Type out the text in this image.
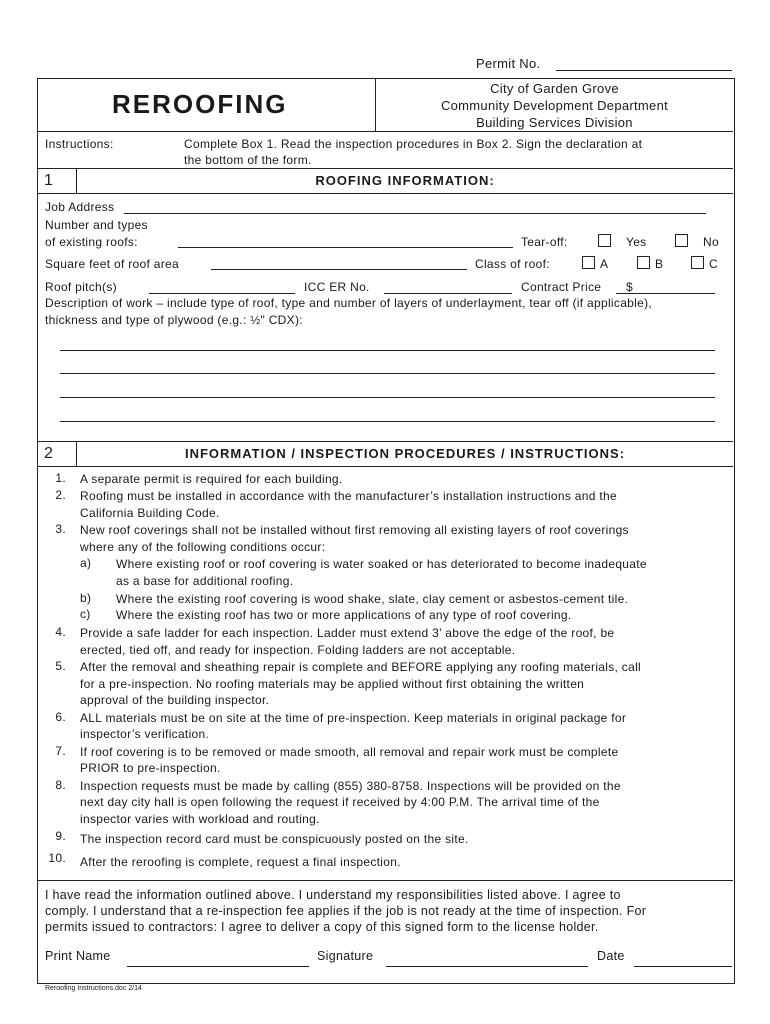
Permit No.
REROOFING
City of Garden Grove
Community Development Department
Building Services Division
Instructions:	Complete Box 1. Read the inspection procedures in Box 2. Sign the declaration at
the bottom of the form.
1	ROOFING INFORMATION:
Job Address
Number and types
of existing roofs:	Tear-off:	Yes	No
Square feet of roof area	Class of roof:	A	B	C
Roof pitch(s)	ICC ER No.	Contract Price $
Description of work – include type of roof, type and number of layers of underlayment, tear off (if applicable),
thickness and type of plywood (e.g.: ½" CDX):
2	INFORMATION / INSPECTION PROCEDURES / INSTRUCTIONS:
1. A separate permit is required for each building.
2. Roofing must be installed in accordance with the manufacturer’s installation instructions and the
California Building Code.
3. New roof coverings shall not be installed without first removing all existing layers of roof coverings
where any of the following conditions occur:
a) Where existing roof or roof covering is water soaked or has deteriorated to become inadequate
as a base for additional roofing.
b) Where the existing roof covering is wood shake, slate, clay cement or asbestos-cement tile.
c) Where the existing roof has two or more applications of any type of roof covering.
4. Provide a safe ladder for each inspection. Ladder must extend 3’ above the edge of the roof, be
erected, tied off, and ready for inspection. Folding ladders are not acceptable.
5. After the removal and sheathing repair is complete and BEFORE applying any roofing materials, call
for a pre-inspection. No roofing materials may be applied without first obtaining the written
approval of the building inspector.
6. ALL materials must be on site at the time of pre-inspection. Keep materials in original package for
inspector’s verification.
7. If roof covering is to be removed or made smooth, all removal and repair work must be complete
PRIOR to pre-inspection.
8. Inspection requests must be made by calling (855) 380-8758. Inspections will be provided on the
next day city hall is open following the request if received by 4:00 P.M. The arrival time of the
inspector varies with workload and routing.
9. The inspection record card must be conspicuously posted on the site.
10. After the reroofing is complete, request a final inspection.
I have read the information outlined above. I understand my responsibilities listed above. I agree to
comply. I understand that a re-inspection fee applies if the job is not ready at the time of inspection. For
permits issued to contractors: I agree to deliver a copy of this signed form to the license holder.
Print Name	Signature	Date
Reroofing Instructions.doc 2/14
